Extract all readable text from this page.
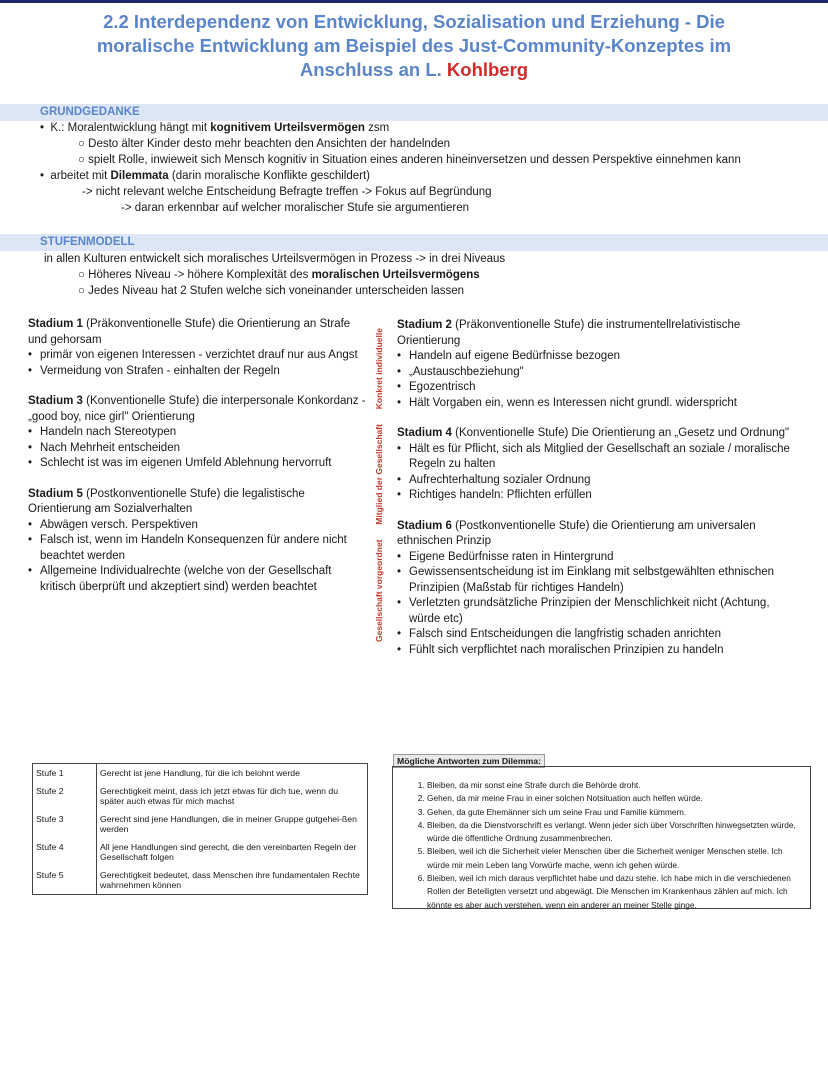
2.2 Interdependenz von Entwicklung, Sozialisation und Erziehung - Die moralische Entwicklung am Beispiel des Just-Community-Konzeptes im Anschluss an L. Kohlberg
GRUNDGEDANKE
•  K.: Moralentwicklung hängt mit kognitivem Urteilsvermögen zsm
○ Desto älter Kinder desto mehr beachten den Ansichten der handelnden
○ spielt Rolle, inwieweit sich Mensch kognitiv in Situation eines anderen hineinversetzen und dessen Perspektive einnehmen kann
•  arbeitet mit Dilemmata (darin moralische Konflikte geschildert)
-> nicht relevant welche Entscheidung Befragte treffen -> Fokus auf Begründung
-> daran erkennbar auf welcher moralischer Stufe sie argumentieren
STUFENMODELL
in allen Kulturen entwickelt sich moralisches Urteilsvermögen in Prozess -> in drei Niveaus
○ Höheres Niveau -> höhere Komplexität des moralischen Urteilsvermögens
○ Jedes Niveau hat 2 Stufen welche sich voneinander unterscheiden lassen

Stadium 1 (Präkonventionelle Stufe) die Orientierung an Strafe und gehorsam

• primär von eigenen Interessen - verzichtet drauf nur aus Angst
• Vermeidung von Strafen - einhalten der Regeln

Stadium 3 (Konventionelle Stufe) die interpersonale Konkordanz - „good boy, nice girl" Orientierung

• Handeln nach Stereotypen
• Nach Mehrheit entscheiden
• Schlecht ist was im eigenen Umfeld Ablehnung hervorruft

Stadium 5 (Postkonventionelle Stufe) die legalistische Orientierung am Sozialverhalten

• Abwägen versch. Perspektiven
• Falsch ist, wenn im Handeln Konsequenzen für andere nicht beachtet werden
• Allgemeine Individualrechte (welche von der Gesellschaft kritisch überprüft und akzeptiert sind) werden beachtet	Gesellschaft vorgeordnet
Mitglied der Gesellschaft
Konkret individuelle

Stadium 2 (Präkonventionelle Stufe) die instrumentellrelativistische Orientierung

• Handeln auf eigene Bedürfnisse bezogen
• „Austauschbeziehung"
• Egozentrisch
• Hält Vorgaben ein, wenn es Interessen nicht grundl. widerspricht

Stadium 4 (Konventionelle Stufe) Die Orientierung an „Gesetz und Ordnung"

• Hält es für Pflicht, sich als Mitglied der Gesellschaft an soziale / moralische Regeln zu halten
• Aufrechterhaltung sozialer Ordnung
• Richtiges handeln: Pflichten erfüllen

Stadium 6 (Postkonventionelle Stufe) die Orientierung am universalen ethnischen Prinzip

• Eigene Bedürfnisse raten in Hintergrund
• Gewissensentscheidung ist im Einklang mit selbstgewählten ethnischen Prinzipien (Maßstab für richtiges Handeln)
• Verletzten grundsätzliche Prinzipien der Menschlichkeit nicht (Achtung, würde etc)
• Falsch sind Entscheidungen die langfristig schaden anrichten
• Fühlt sich verpflichtet nach moralischen Prinzipien zu handeln
Stufe 1	Gerecht ist jene Handlung, für die ich belohnt werde
Stufe 2	Gerechtigkeit meint, dass ich jetzt etwas für dich tue, wenn du später auch etwas für mich machst
Stufe 3	Gerecht sind jene Handlungen, die in meiner Gruppe gutgehei-ßen werden
Stufe 4	All jene Handlungen sind gerecht, die den vereinbarten Regeln der Gesellschaft folgen
Stufe 5	Gerechtigkeit bedeutet, dass Menschen ihre fundamentalen Rechte wahrnehmen können
Mögliche Antworten zum Dilemma:
1. Bleiben, da mir sonst eine Strafe durch die Behörde droht.
2. Gehen, da mir meine Frau in einer solchen Notsituation auch helfen würde.
3. Gehen, da gute Ehemänner sich um seine Frau und Familie kümmern.
4. Bleiben, da die Dienstvorschrift es verlangt. Wenn jeder sich über Vorschriften hinwegsetzten würde, würde die öffentliche Ordnung zusammenbrechen.
5. Bleiben, weil ich die Sicherheit vieler Menschen über die Sicherheit weniger Menschen stelle. Ich würde mir mein Leben lang Vorwürfe mache, wenn ich gehen würde.
6. Bleiben, weil ich mich daraus verpflichtet habe und dazu stehe. Ich habe mich in die verschiedenen Rollen der Beteiligten versetzt und abgewägt. Die Menschen im Krankenhaus zählen auf mich. Ich könnte es aber auch verstehen, wenn ein anderer an meiner Stelle ginge.
